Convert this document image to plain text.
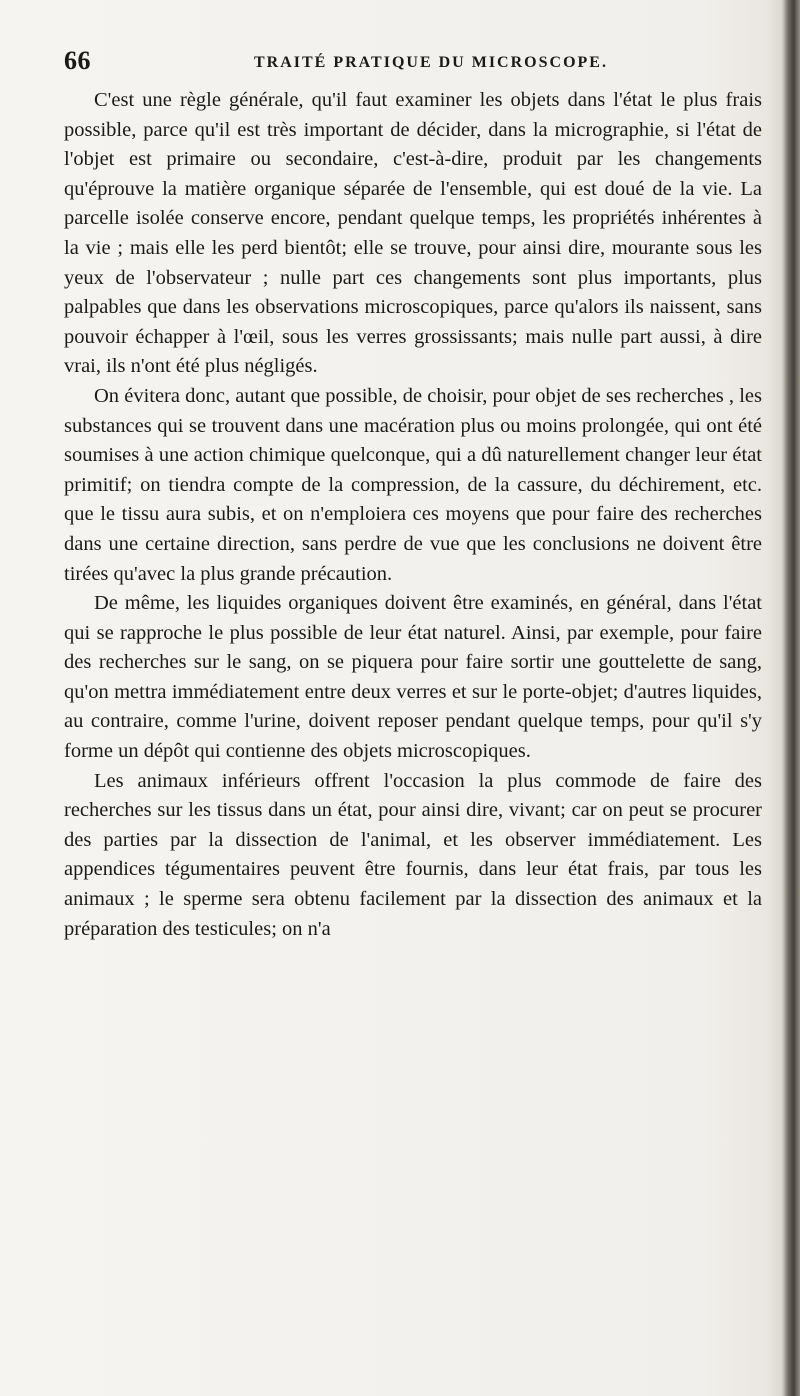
66	TRAITÉ PRATIQUE DU MICROSCOPE.

C'est une règle générale, qu'il faut examiner les objets dans l'état le plus frais possible, parce qu'il est très important de décider, dans la micrographie, si l'état de l'objet est primaire ou secondaire, c'est-à-dire, produit par les changements qu'éprouve la matière organique séparée de l'ensemble, qui est doué de la vie. La parcelle isolée conserve encore, pendant quelque temps, les propriétés inhérentes à la vie ; mais elle les perd bientôt; elle se trouve, pour ainsi dire, mourante sous les yeux de l'observateur ; nulle part ces changements sont plus importants, plus palpables que dans les observations microscopiques, parce qu'alors ils naissent, sans pouvoir échapper à l'œil, sous les verres grossissants; mais nulle part aussi, à dire vrai, ils n'ont été plus négligés.

On évitera donc, autant que possible, de choisir, pour objet de ses recherches , les substances qui se trouvent dans une macération plus ou moins prolongée, qui ont été soumises à une action chimique quelconque, qui a dû naturellement changer leur état primitif; on tiendra compte de la compression, de la cassure, du déchirement, etc. que le tissu aura subis, et on n'emploiera ces moyens que pour faire des recherches dans une certaine direction, sans perdre de vue que les conclusions ne doivent être tirées qu'avec la plus grande précaution.

De même, les liquides organiques doivent être examinés, en général, dans l'état qui se rapproche le plus possible de leur état naturel. Ainsi, par exemple, pour faire des recherches sur le sang, on se piquera pour faire sortir une gouttelette de sang, qu'on mettra immédiatement entre deux verres et sur le porte-objet; d'autres liquides, au contraire, comme l'urine, doivent reposer pendant quelque temps, pour qu'il s'y forme un dépôt qui contienne des objets microscopiques.

Les animaux inférieurs offrent l'occasion la plus commode de faire des recherches sur les tissus dans un état, pour ainsi dire, vivant; car on peut se procurer des parties par la dissection de l'animal, et les observer immédiatement. Les appendices tégumentaires peuvent être fournis, dans leur état frais, par tous les animaux ; le sperme sera obtenu facilement par la dissection des animaux et la préparation des testicules; on n'a
